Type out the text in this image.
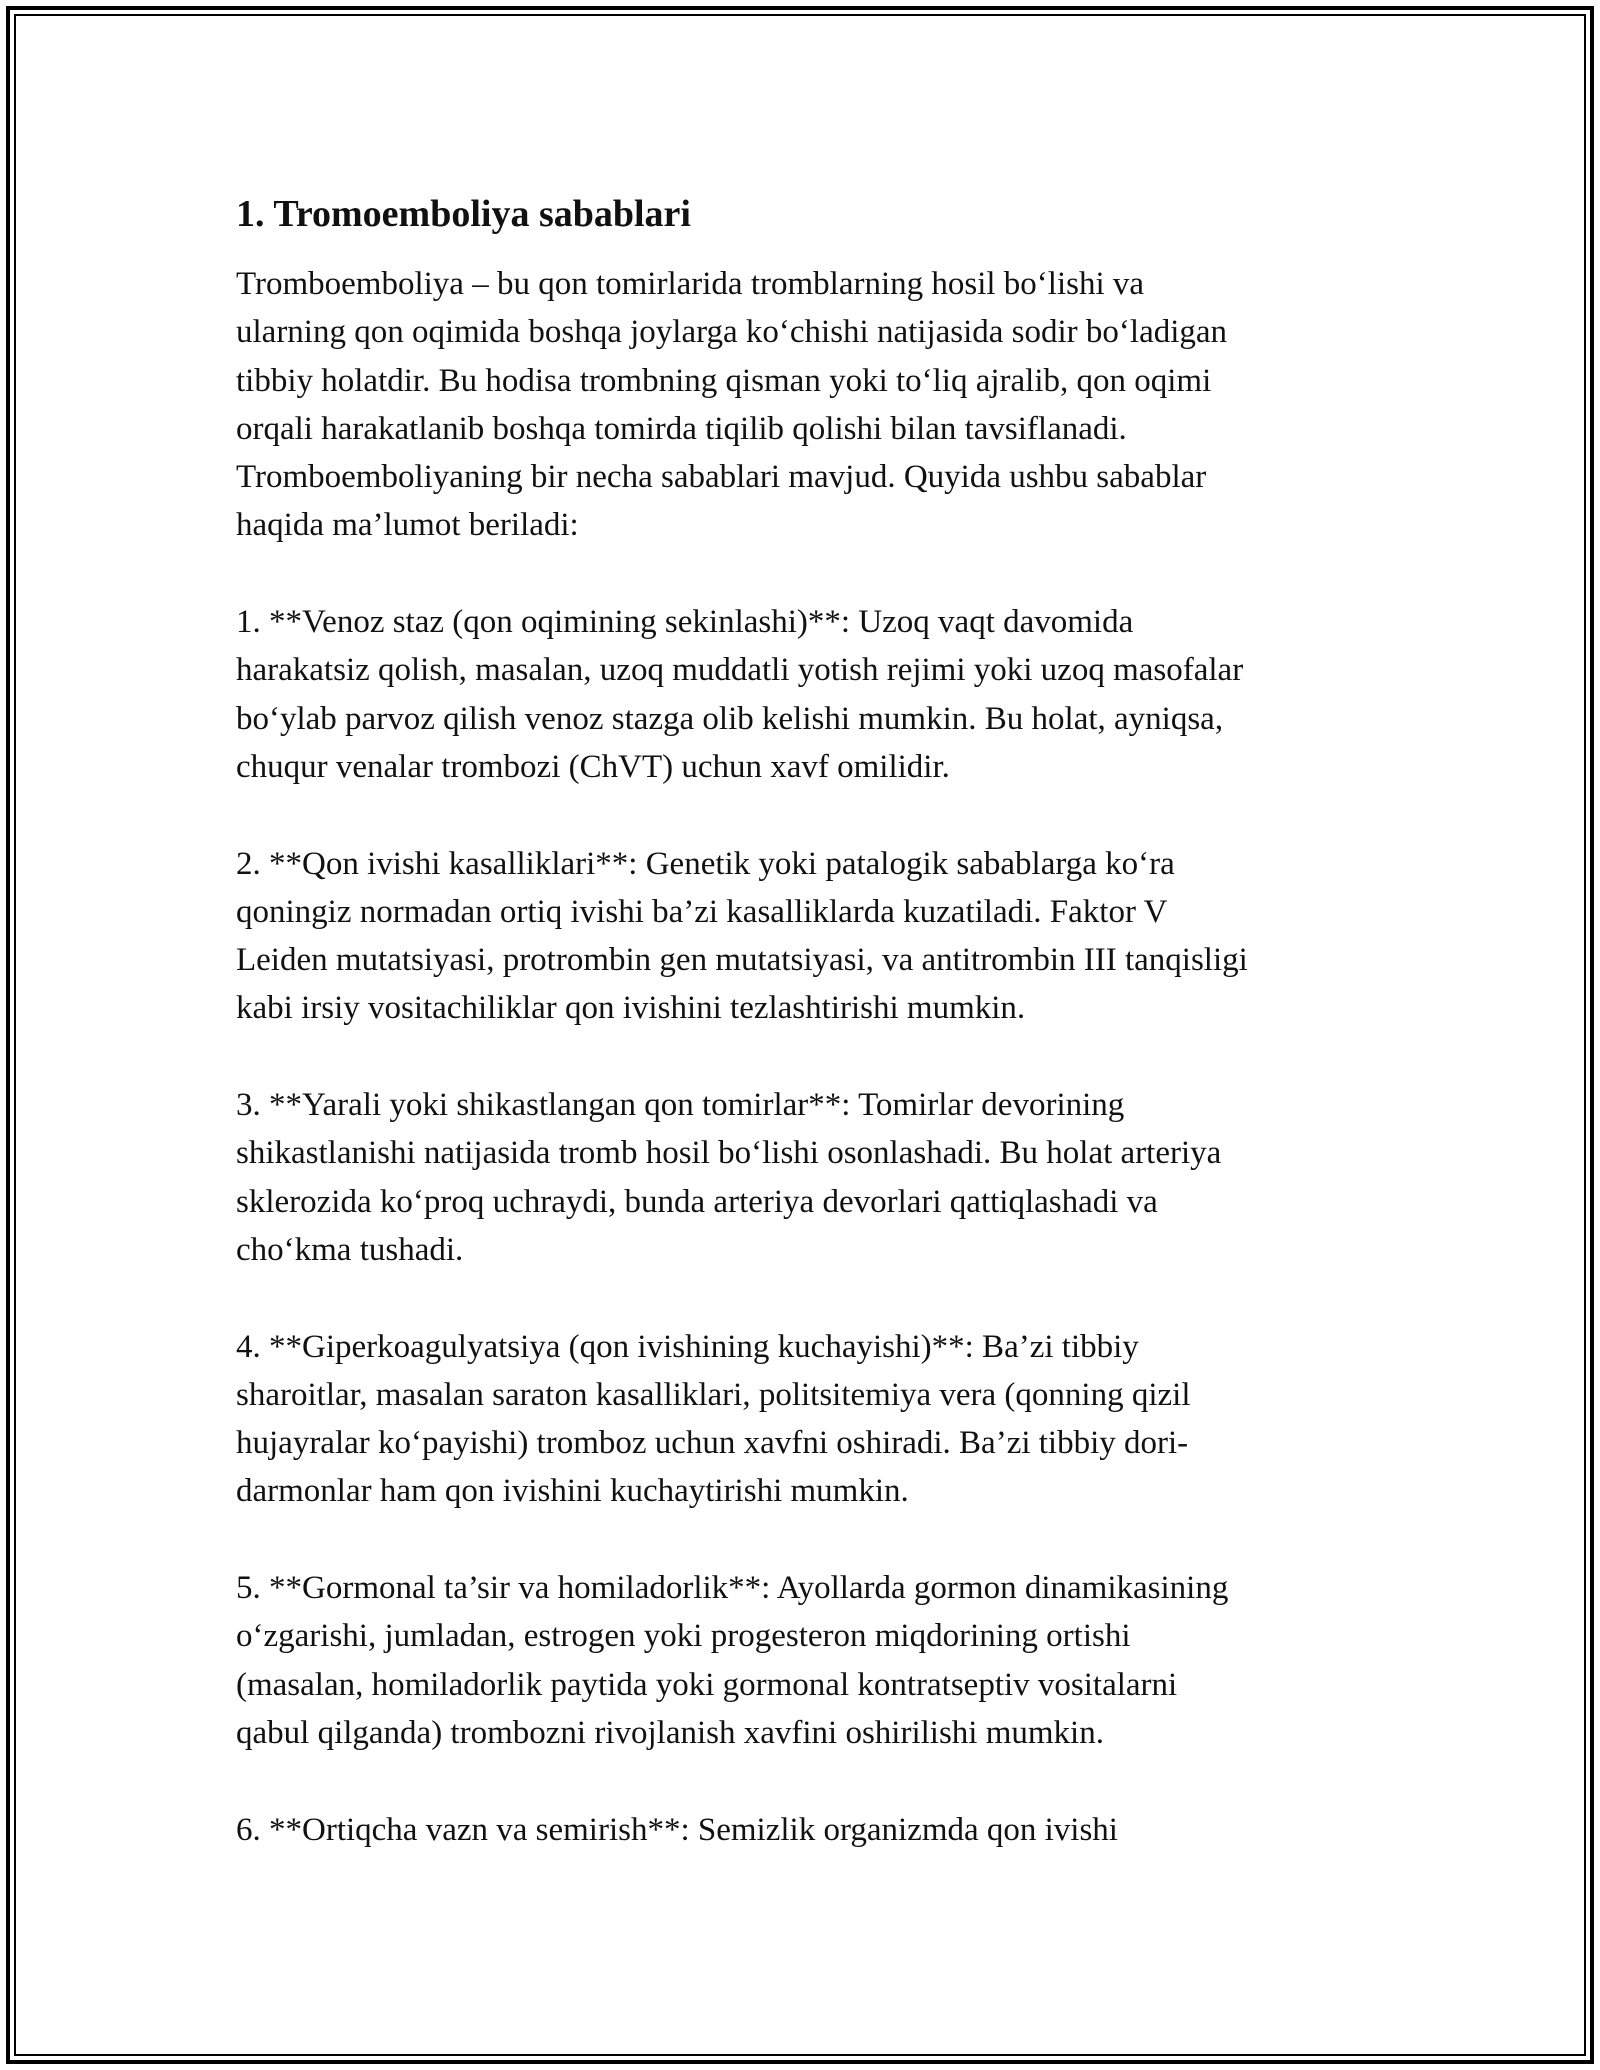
1. Tromoemboliya sabablari
Tromboemboliya – bu qon tomirlarida tromblarning hosil bo‘lishi va
ularning qon oqimida boshqa joylarga ko‘chishi natijasida sodir bo‘ladigan
tibbiy holatdir. Bu hodisa trombning qisman yoki to‘liq ajralib, qon oqimi
orqali harakatlanib boshqa tomirda tiqilib qolishi bilan tavsiflanadi.
Tromboemboliyaning bir necha sabablari mavjud. Quyida ushbu sabablar
haqida ma’lumot beriladi:
1. **Venoz staz (qon oqimining sekinlashi)**: Uzoq vaqt davomida
harakatsiz qolish, masalan, uzoq muddatli yotish rejimi yoki uzoq masofalar
bo‘ylab parvoz qilish venoz stazga olib kelishi mumkin. Bu holat, ayniqsa,
chuqur venalar trombozi (ChVT) uchun xavf omilidir.
2. **Qon ivishi kasalliklari**: Genetik yoki patalogik sabablarga ko‘ra
qoningiz normadan ortiq ivishi ba’zi kasalliklarda kuzatiladi. Faktor V
Leiden mutatsiyasi, protrombin gen mutatsiyasi, va antitrombin III tanqisligi
kabi irsiy vositachiliklar qon ivishini tezlashtirishi mumkin.
3. **Yarali yoki shikastlangan qon tomirlar**: Tomirlar devorining
shikastlanishi natijasida tromb hosil bo‘lishi osonlashadi. Bu holat arteriya
sklerozida ko‘proq uchraydi, bunda arteriya devorlari qattiqlashadi va
cho‘kma tushadi.
4. **Giperkoagulyatsiya (qon ivishining kuchayishi)**: Ba’zi tibbiy
sharoitlar, masalan saraton kasalliklari, politsitemiya vera (qonning qizil
hujayralar ko‘payishi) tromboz uchun xavfni oshiradi. Ba’zi tibbiy dori-
darmonlar ham qon ivishini kuchaytirishi mumkin.
5. **Gormonal ta’sir va homiladorlik**: Ayollarda gormon dinamikasining
o‘zgarishi, jumladan, estrogen yoki progesteron miqdorining ortishi
(masalan, homiladorlik paytida yoki gormonal kontratseptiv vositalarni
qabul qilganda) trombozni rivojlanish xavfini oshirilishi mumkin.
6. **Ortiqcha vazn va semirish**: Semizlik organizmda qon ivishi
